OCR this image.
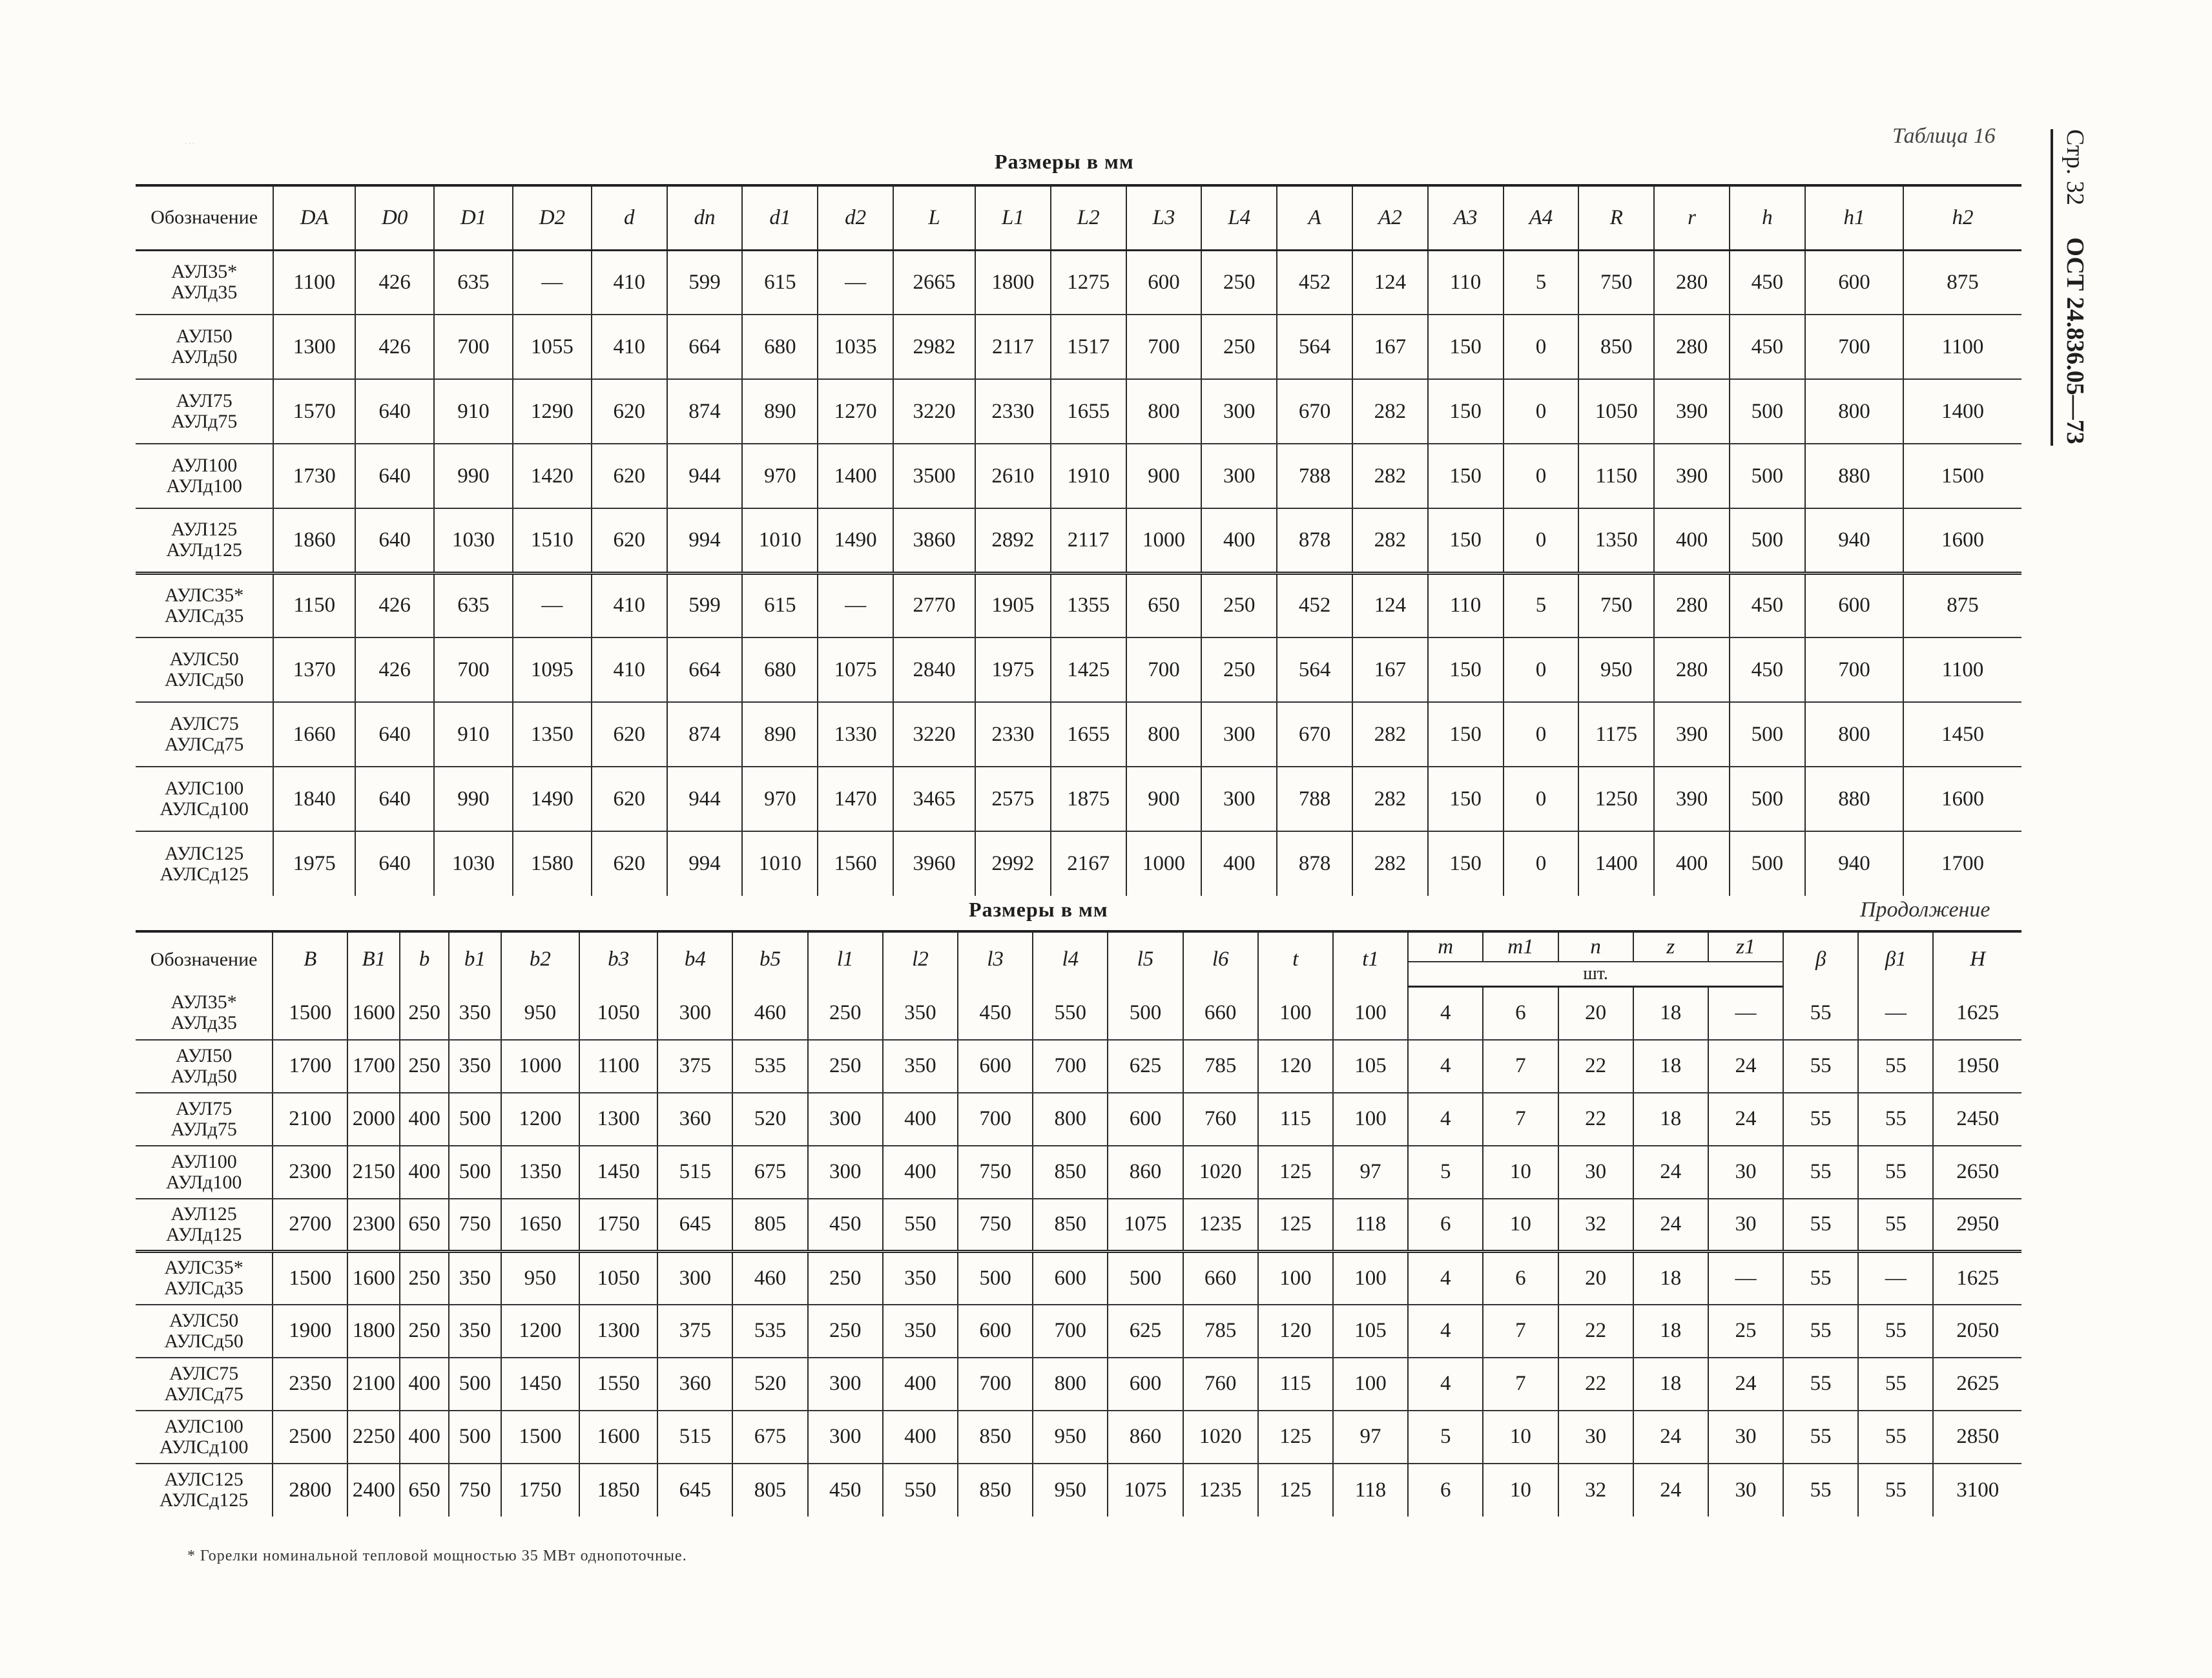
. . .	Таблица 16
Размеры в мм	Стр. 32 ОСТ 24.836.05—73
Обозначение	DA	D0	D1	D2	d	dп	d1	d2	L	L1	L2	L3	L4	A	A2	A3	A4	R	r	h	h1	h2

АУЛ35*
АУЛд35	1100	426	635	—	410	599	615	—	2665	1800	1275	600	250	452	124	110	5	750	280	450	600	875

АУЛ50
АУЛд50	1300	426	700	1055	410	664	680	1035	2982	2117	1517	700	250	564	167	150	0	850	280	450	700	1100

АУЛ75
АУЛд75	1570	640	910	1290	620	874	890	1270	3220	2330	1655	800	300	670	282	150	0	1050	390	500	800	1400

АУЛ100
АУЛд100	1730	640	990	1420	620	944	970	1400	3500	2610	1910	900	300	788	282	150	0	1150	390	500	880	1500

АУЛ125
АУЛд125	1860	640	1030	1510	620	994	1010	1490	3860	2892	2117	1000	400	878	282	150	0	1350	400	500	940	1600

АУЛС35*
АУЛСд35	1150	426	635	—	410	599	615	—	2770	1905	1355	650	250	452	124	110	5	750	280	450	600	875

АУЛС50
АУЛСд50	1370	426	700	1095	410	664	680	1075	2840	1975	1425	700	250	564	167	150	0	950	280	450	700	1100

АУЛС75
АУЛСд75	1660	640	910	1350	620	874	890	1330	3220	2330	1655	800	300	670	282	150	0	1175	390	500	800	1450

АУЛС100
АУЛСд100	1840	640	990	1490	620	944	970	1470	3465	2575	1875	900	300	788	282	150	0	1250	390	500	880	1600

АУЛС125
АУЛСд125	1975	640	1030	1580	620	994	1010	1560	3960	2992	2167	1000	400	878	282	150	0	1400	400	500	940	1700
Размеры в мм	Продолжение
Обозначение	B	B1	b	b1	b2	b3	b4	b5	l1	l2	l3	l4	l5	l6	t	t1	m	m1	n	z	z1	β	β1	H
																	шт.							

АУЛ35*
АУЛд35	1500	1600	250	350	950	1050	300	460	250	350	450	550	500	660	100	100	4	6	20	18	—	55	—	1625

АУЛ50
АУЛд50	1700	1700	250	350	1000	1100	375	535	250	350	600	700	625	785	120	105	4	7	22	18	24	55	55	1950

АУЛ75
АУЛд75	2100	2000	400	500	1200	1300	360	520	300	400	700	800	600	760	115	100	4	7	22	18	24	55	55	2450

АУЛ100
АУЛд100	2300	2150	400	500	1350	1450	515	675	300	400	750	850	860	1020	125	97	5	10	30	24	30	55	55	2650

АУЛ125
АУЛд125	2700	2300	650	750	1650	1750	645	805	450	550	750	850	1075	1235	125	118	6	10	32	24	30	55	55	2950

АУЛС35*
АУЛСд35	1500	1600	250	350	950	1050	300	460	250	350	500	600	500	660	100	100	4	6	20	18	—	55	—	1625

АУЛС50
АУЛСд50	1900	1800	250	350	1200	1300	375	535	250	350	600	700	625	785	120	105	4	7	22	18	25	55	55	2050

АУЛС75
АУЛСд75	2350	2100	400	500	1450	1550	360	520	300	400	700	800	600	760	115	100	4	7	22	18	24	55	55	2625

АУЛС100
АУЛСд100	2500	2250	400	500	1500	1600	515	675	300	400	850	950	860	1020	125	97	5	10	30	24	30	55	55	2850

АУЛС125
АУЛСд125	2800	2400	650	750	1750	1850	645	805	450	550	850	950	1075	1235	125	118	6	10	32	24	30	55	55	3100
* Горелки номинальной тепловой мощностью 35 МВт однопоточные.
